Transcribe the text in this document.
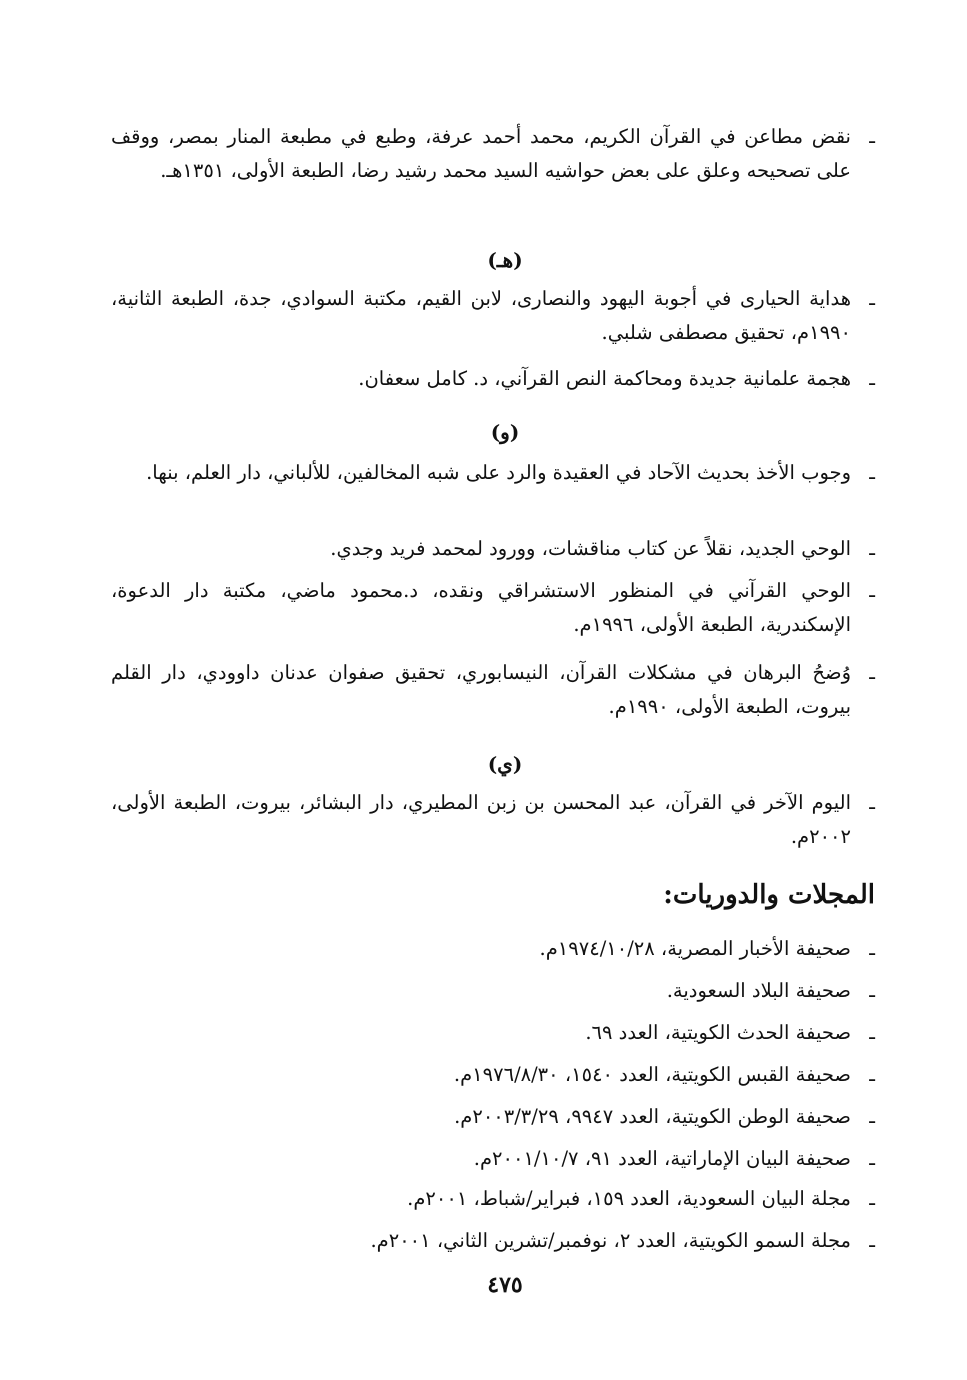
ـ
نقض مطاعن في القرآن الكريم، محمد أحمد عرفة، وطبع في مطبعة المنار بمصر، ووقف على تصحيحه وعلق على بعض حواشيه السيد محمد رشيد رضا، الطبعة الأولى، ١٣٥١هـ.
(هـ)
ـ
هداية الحيارى في أجوبة اليهود والنصارى، لابن القيم، مكتبة السوادي، جدة، الطبعة الثانية، ١٩٩٠م، تحقيق مصطفى شلبي.
ـ
هجمة علمانية جديدة ومحاكمة النص القرآني، د. كامل سعفان.
(و)
ـ
وجوب الأخذ بحديث الآحاد في العقيدة والرد على شبه المخالفين، للألباني، دار العلم، بنها.
ـ
الوحي الجديد، نقلاً عن كتاب مناقشات، وورود لمحمد فريد وجدي.
ـ
الوحي القرآني في المنظور الاستشراقي ونقده، د.محمود ماضي، مكتبة دار الدعوة، الإسكندرية، الطبعة الأولى، ١٩٩٦م.
ـ
وُضحُ البرهان في مشكلات القرآن، النيسابوري، تحقيق صفوان عدنان داوودي، دار القلم بيروت، الطبعة الأولى، ١٩٩٠م.
(ي)
ـ
اليوم الآخر في القرآن، عبد المحسن بن زبن المطيري، دار البشائر، بيروت، الطبعة الأولى، ٢٠٠٢م.
المجلات والدوريات:
ـ
صحيفة الأخبار المصرية، ١٩٧٤/١٠/٢٨م.
ـ
صحيفة البلاد السعودية.
ـ
صحيفة الحدث الكويتية، العدد ٦٩.
ـ
صحيفة القبس الكويتية، العدد ١٥٤٠، ١٩٧٦/٨/٣٠م.
ـ
صحيفة الوطن الكويتية، العدد ٩٩٤٧، ٢٠٠٣/٣/٢٩م.
ـ
صحيفة البيان الإماراتية، العدد ٩١، ٢٠٠١/١٠/٧م.
ـ
مجلة البيان السعودية، العدد ١٥٩، فبراير/شباط، ٢٠٠١م.
ـ
مجلة السمو الكويتية، العدد ٢، نوفمبر/تشرين الثاني، ٢٠٠١م.
٤٧٥
